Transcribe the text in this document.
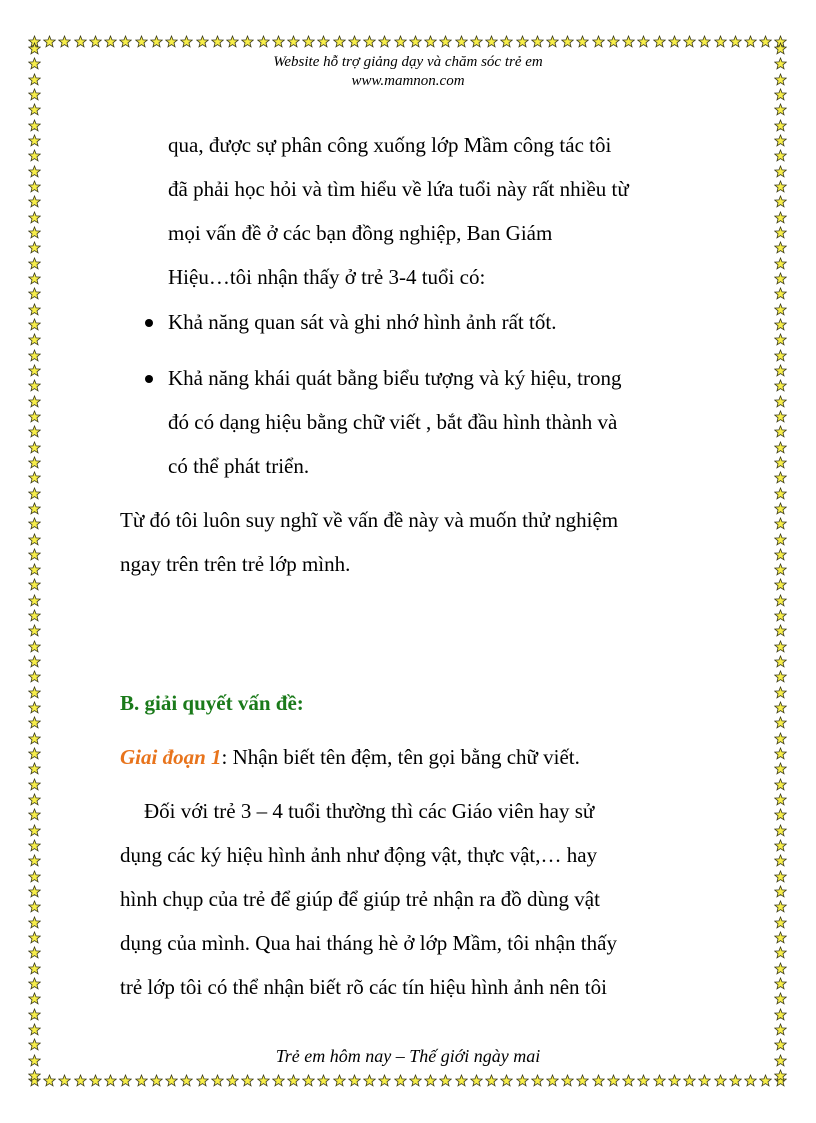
Website hỗ trợ giảng dạy và chăm sóc trẻ em
www.mamnon.com
qua, được sự phân công xuống lớp Mầm công tác tôi
đã phải học hỏi và tìm hiểu về lứa tuổi này rất nhiều từ
mọi vấn đề ở các bạn đồng nghiệp, Ban Giám
Hiệu…tôi nhận thấy ở trẻ 3-4 tuổi có:
Khả năng quan sát và ghi nhớ hình ảnh rất tốt.
Khả năng khái quát bằng biểu tượng và ký hiệu, trong
đó có dạng hiệu bằng chữ viết , bắt đầu hình thành và
có thể phát triển.
Từ đó tôi luôn suy nghĩ về vấn đề này và muốn thử nghiệm
ngay trên trên trẻ lớp mình.
B. giải quyết vấn đề:
Giai đoạn 1: Nhận biết tên đệm, tên gọi bằng chữ viết.
Đối với trẻ 3 – 4 tuổi thường thì các Giáo viên hay sử
dụng các ký hiệu hình ảnh như động vật, thực vật,… hay
hình chụp của trẻ để giúp để giúp trẻ nhận ra đồ dùng vật
dụng của mình. Qua hai tháng hè ở lớp Mầm, tôi nhận thấy
trẻ lớp tôi có thể nhận biết rõ các tín hiệu hình ảnh nên tôi
Trẻ em hôm nay – Thế giới ngày mai
